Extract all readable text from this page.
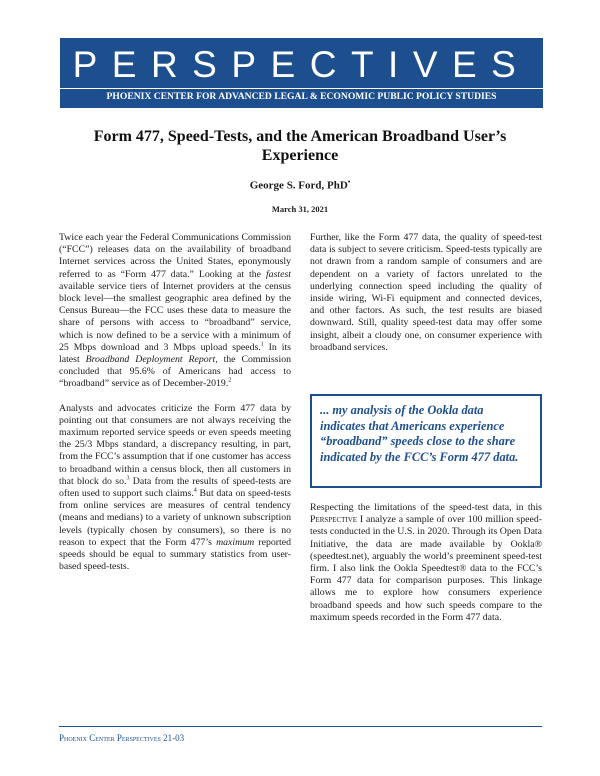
PERSPECTIVES
PHOENIX CENTER FOR ADVANCED LEGAL & ECONOMIC PUBLIC POLICY STUDIES
Form 477, Speed-Tests, and the American Broadband User’s Experience
George S. Ford, PhD•
March 31, 2021

Twice each year the Federal Communications Commission (“FCC”) releases data on the availability of broadband Internet services across the United States, eponymously referred to as “Form 477 data.” Looking at the fastest available service tiers of Internet providers at the census block level—the smallest geographic area defined by the Census Bureau—the FCC uses these data to measure the share of persons with access to “broadband” service, which is now defined to be a service with a minimum of 25 Mbps download and 3 Mbps upload speeds.$^1$ In its latest Broadband Deployment Report, the Commission concluded that 95.6% of Americans had access to “broadband” service as of December-2019.$^2$

Analysts and advocates criticize the Form 477 data by pointing out that consumers are not always receiving the maximum reported service speeds or even speeds meeting the 25/3 Mbps standard, a discrepancy resulting, in part, from the FCC’s assumption that if one customer has access to broadband within a census block, then all customers in that block do so.$^3$ Data from the results of speed-tests are often used to support such claims.$^4$ But data on speed-tests from online services are measures of central tendency (means and medians) to a variety of unknown subscription levels (typically chosen by consumers), so there is no reason to expect that the Form 477’s maximum reported speeds should be equal to summary statistics from user-based speed-tests.

Further, like the Form 477 data, the quality of speed-test data is subject to severe criticism. Speed-tests typically are not drawn from a random sample of consumers and are dependent on a variety of factors unrelated to the underlying connection speed including the quality of inside wiring, Wi-Fi equipment and connected devices, and other factors. As such, the test results are biased downward. Still, quality speed-test data may offer some insight, albeit a cloudy one, on consumer experience with broadband services.

... my analysis of the Ookla data indicates that Americans experience “broadband” speeds close to the share indicated by the FCC’s Form 477 data.

Respecting the limitations of the speed-test data, in this Perspective I analyze a sample of over 100 million speed-tests conducted in the U.S. in 2020. Through its Open Data Initiative, the data are made available by Ookla® (speedtest.net), arguably the world’s preeminent speed-test firm. I also link the Ookla Speedtest® data to the FCC’s Form 477 data for comparison purposes. This linkage allows me to explore how consumers experience broadband speeds and how such speeds compare to the maximum speeds recorded in the Form 477 data.

Phoenix Center Perspectives 21-03
